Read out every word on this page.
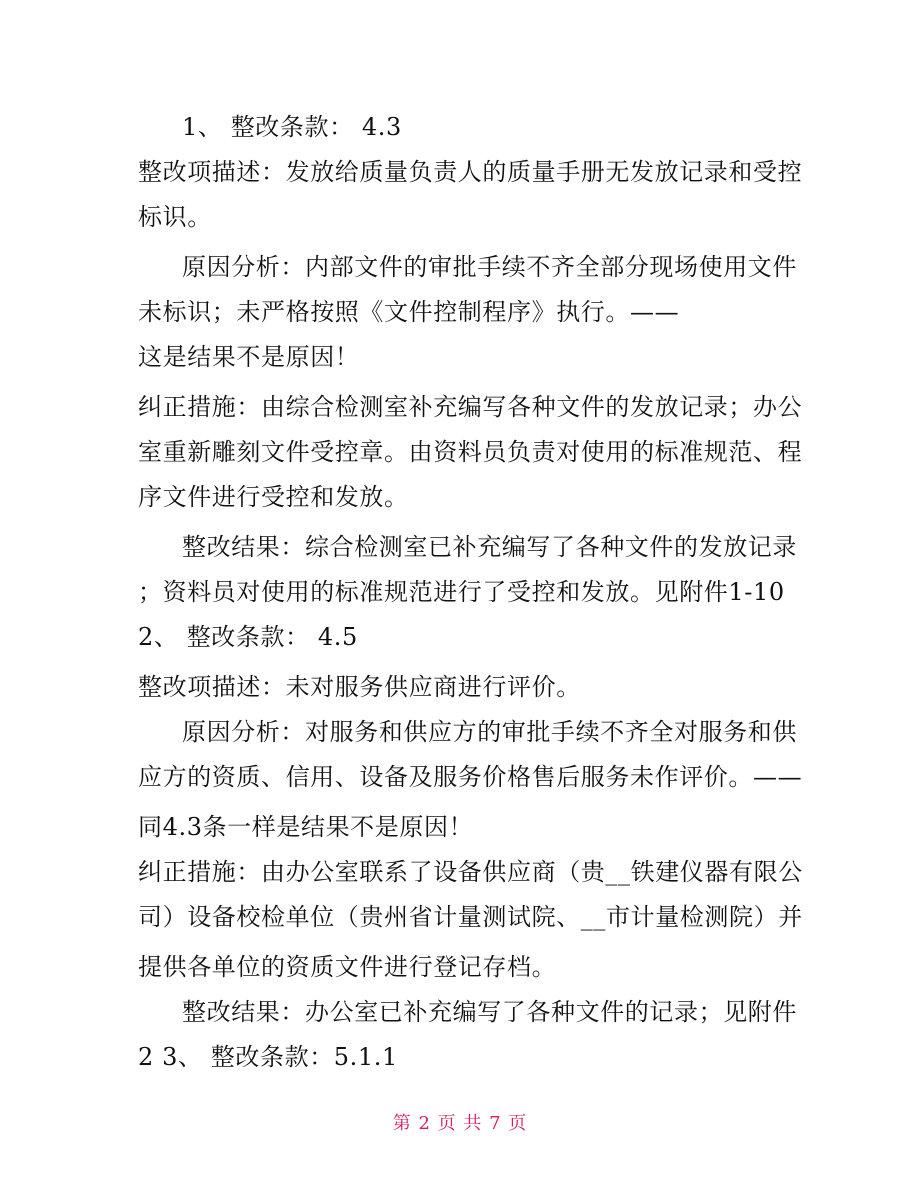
1、 整改条款： 4.3
整改项描述：发放给质量负责人的质量手册无发放记录和受控
标识。
原因分析：内部文件的审批手续不齐全部分现场使用文件
未标识；未严格按照《文件控制程序》执行。——
这是结果不是原因！
纠正措施：由综合检测室补充编写各种文件的发放记录；办公
室重新雕刻文件受控章。由资料员负责对使用的标准规范、程
序文件进行受控和发放。
整改结果：综合检测室已补充编写了各种文件的发放记录
；资料员对使用的标准规范进行了受控和发放。见附件1-10
2、 整改条款： 4.5
整改项描述：未对服务供应商进行评价。
原因分析：对服务和供应方的审批手续不齐全对服务和供
应方的资质、信用、设备及服务价格售后服务未作评价。——
同4.3条一样是结果不是原因！
纠正措施：由办公室联系了设备供应商（贵__铁建仪器有限公
司）设备校检单位（贵州省计量测试院、__市计量检测院）并
提供各单位的资质文件进行登记存档。
整改结果：办公室已补充编写了各种文件的记录；见附件
2 3、 整改条款：5.1.1
第 2 页 共 7 页
